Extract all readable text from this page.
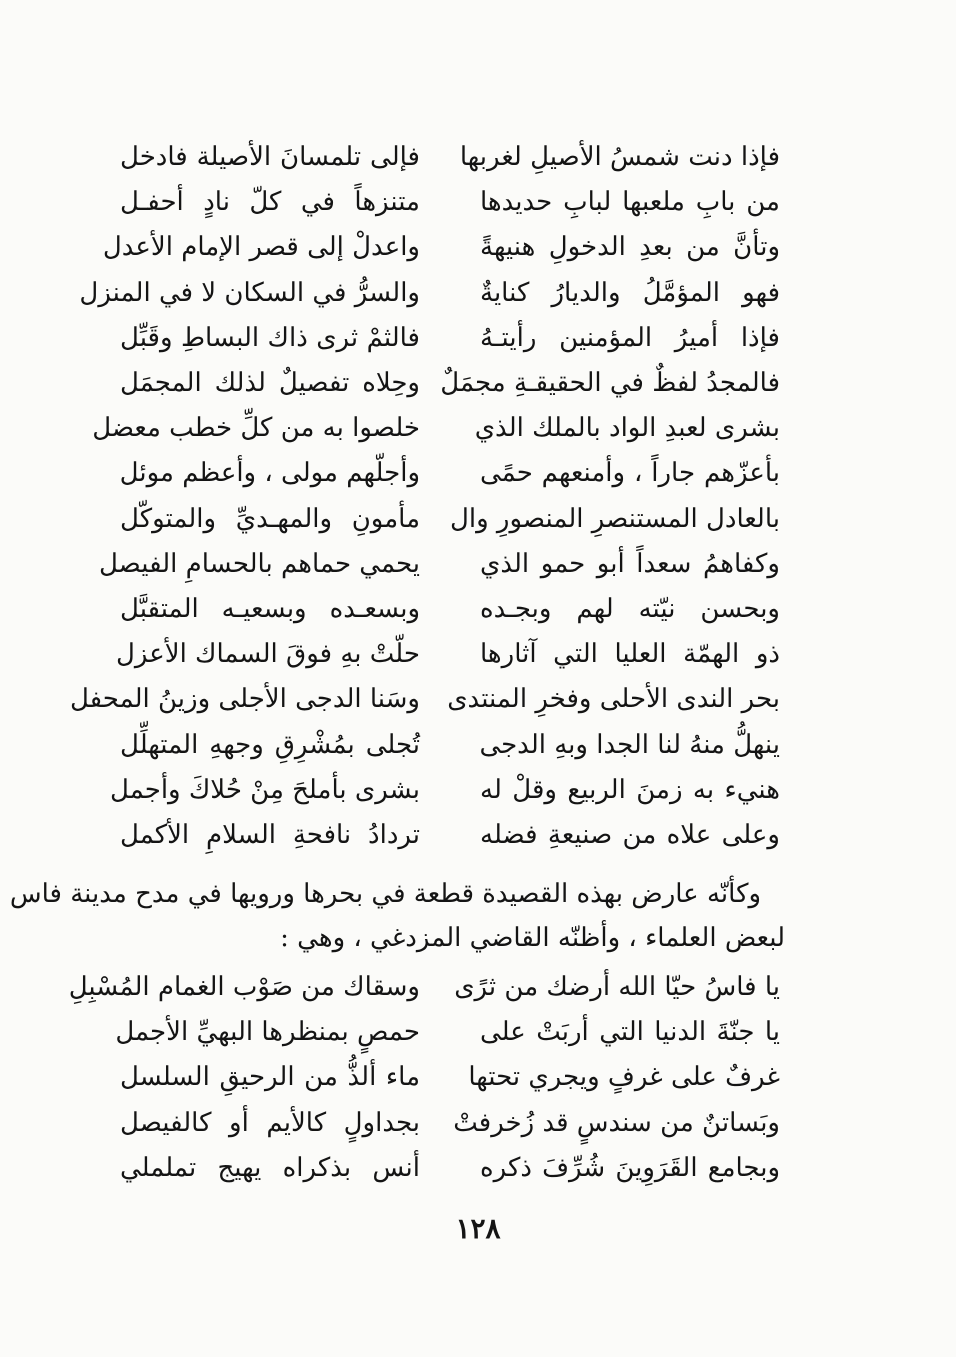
فإذا دنت شمسُ الأصيلِ لغربها
فإلى تلمسانَ الأصيلة فادخل
من بابِ ملعبها لبابِ حديدها
متنزهاً في كلّ نادٍ أحفـل
وتأنَّ من بعدِ الدخولِ هنيهةً
واعدلْ إلى قصر الإمام الأعدل
فهو المؤمَّلُ والديارُ كنايةٌ
والسرُّ في السكان لا في المنزل
فإذا أميرُ المؤمنين رأيتـهُ
فالثمْ ثرى ذاك البساطِ وقَبِّل
فالمجدُ لفظٌ في الحقيقـةِ مجمَلٌ
وحِلاه تفصيلٌ لذلك المجمَل
بشرى لعبدِ الواد بالملك الذي
خلصوا به من كلِّ خطب معضل
بأعزّهم جاراً ، وأمنعهم حمًى
وأجلّهم مولى ، وأعظم موئل
بالعادل المستنصرِ المنصورِ وال
مأمونِ والمهـديِّ والمتوكّل
وكفاهمُ سعداً أبو حمو الذي
يحمي حماهم بالحسامِ الفيصل
وبحسن نيّته لهم وبجـده
وبسعـده وبسعيـه المتقبَّل
ذو الهمّة العليا التي آثارها
حلّتْ بهِ فوقَ السماك الأعزل
بحر الندى الأحلى وفخرِ المنتدى
وسَنا الدجى الأجلى وزينُ المحفل
ينهلُّ منهُ لنا الجدا وبهِ الدجى
تُجلى بمُشْرِقِ وجههِ المتهلِّل
هنيء به زمنَ الربيع وقلْ له
بشرى بأملحَ مِنْ حُلاكَ وأجمل
وعلى علاه من صنيعةِ فضله
تردادُ نافحةِ السلامِ الأكمل
وكأنّه عارض بهذه القصيدة قطعة في بحرها ورويها في مدح مدينة فاس
لبعض العلماء ، وأظنّه القاضي المزدغي ، وهي :
يا فاسُ حيّا الله أرضك من ثرًى
وسقاك من صَوْب الغمام المُسْبِلِ
يا جنّةَ الدنيا التي أربَتْ على
حمصٍ بمنظرها البهيِّ الأجمل
غرفٌ على غرفٍ ويجري تحتها
ماء ألذُّ من الرحيقِ السلسل
وبَساتنٌ من سندسٍ قد زُخرفتْ
بجداولٍ كالأيم أو كالفيصل
وبجامع القَرَوِينَ شُرِّفَ ذكره
أنس بذكراه يهيج تململي
١٢٨
